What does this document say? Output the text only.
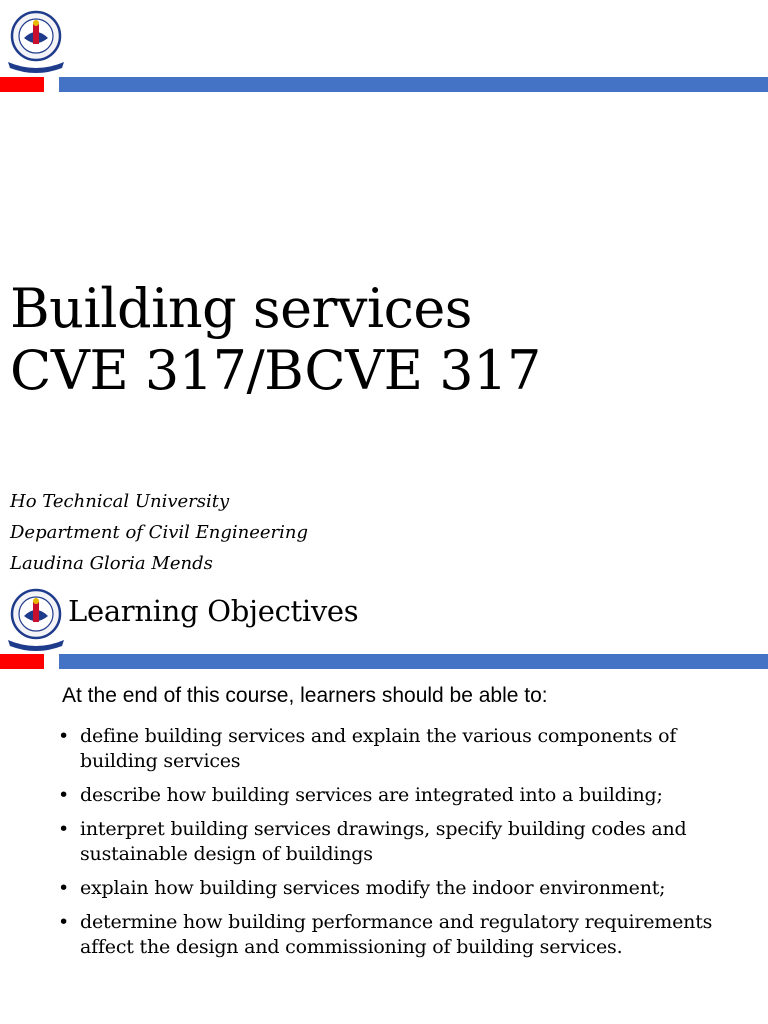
Building services
CVE 317/BCVE 317
Ho Technical University
Department of Civil Engineering
Laudina Gloria Mends
Learning Objectives

At the end of this course, learners should be able to:

• define building services and explain the various components of building services
• describe how building services are integrated into a building;
• interpret building services drawings, specify building codes and sustainable design of buildings
• explain how building services modify the indoor environment;
• determine how building performance and regulatory requirements affect the design and commissioning of building services.
